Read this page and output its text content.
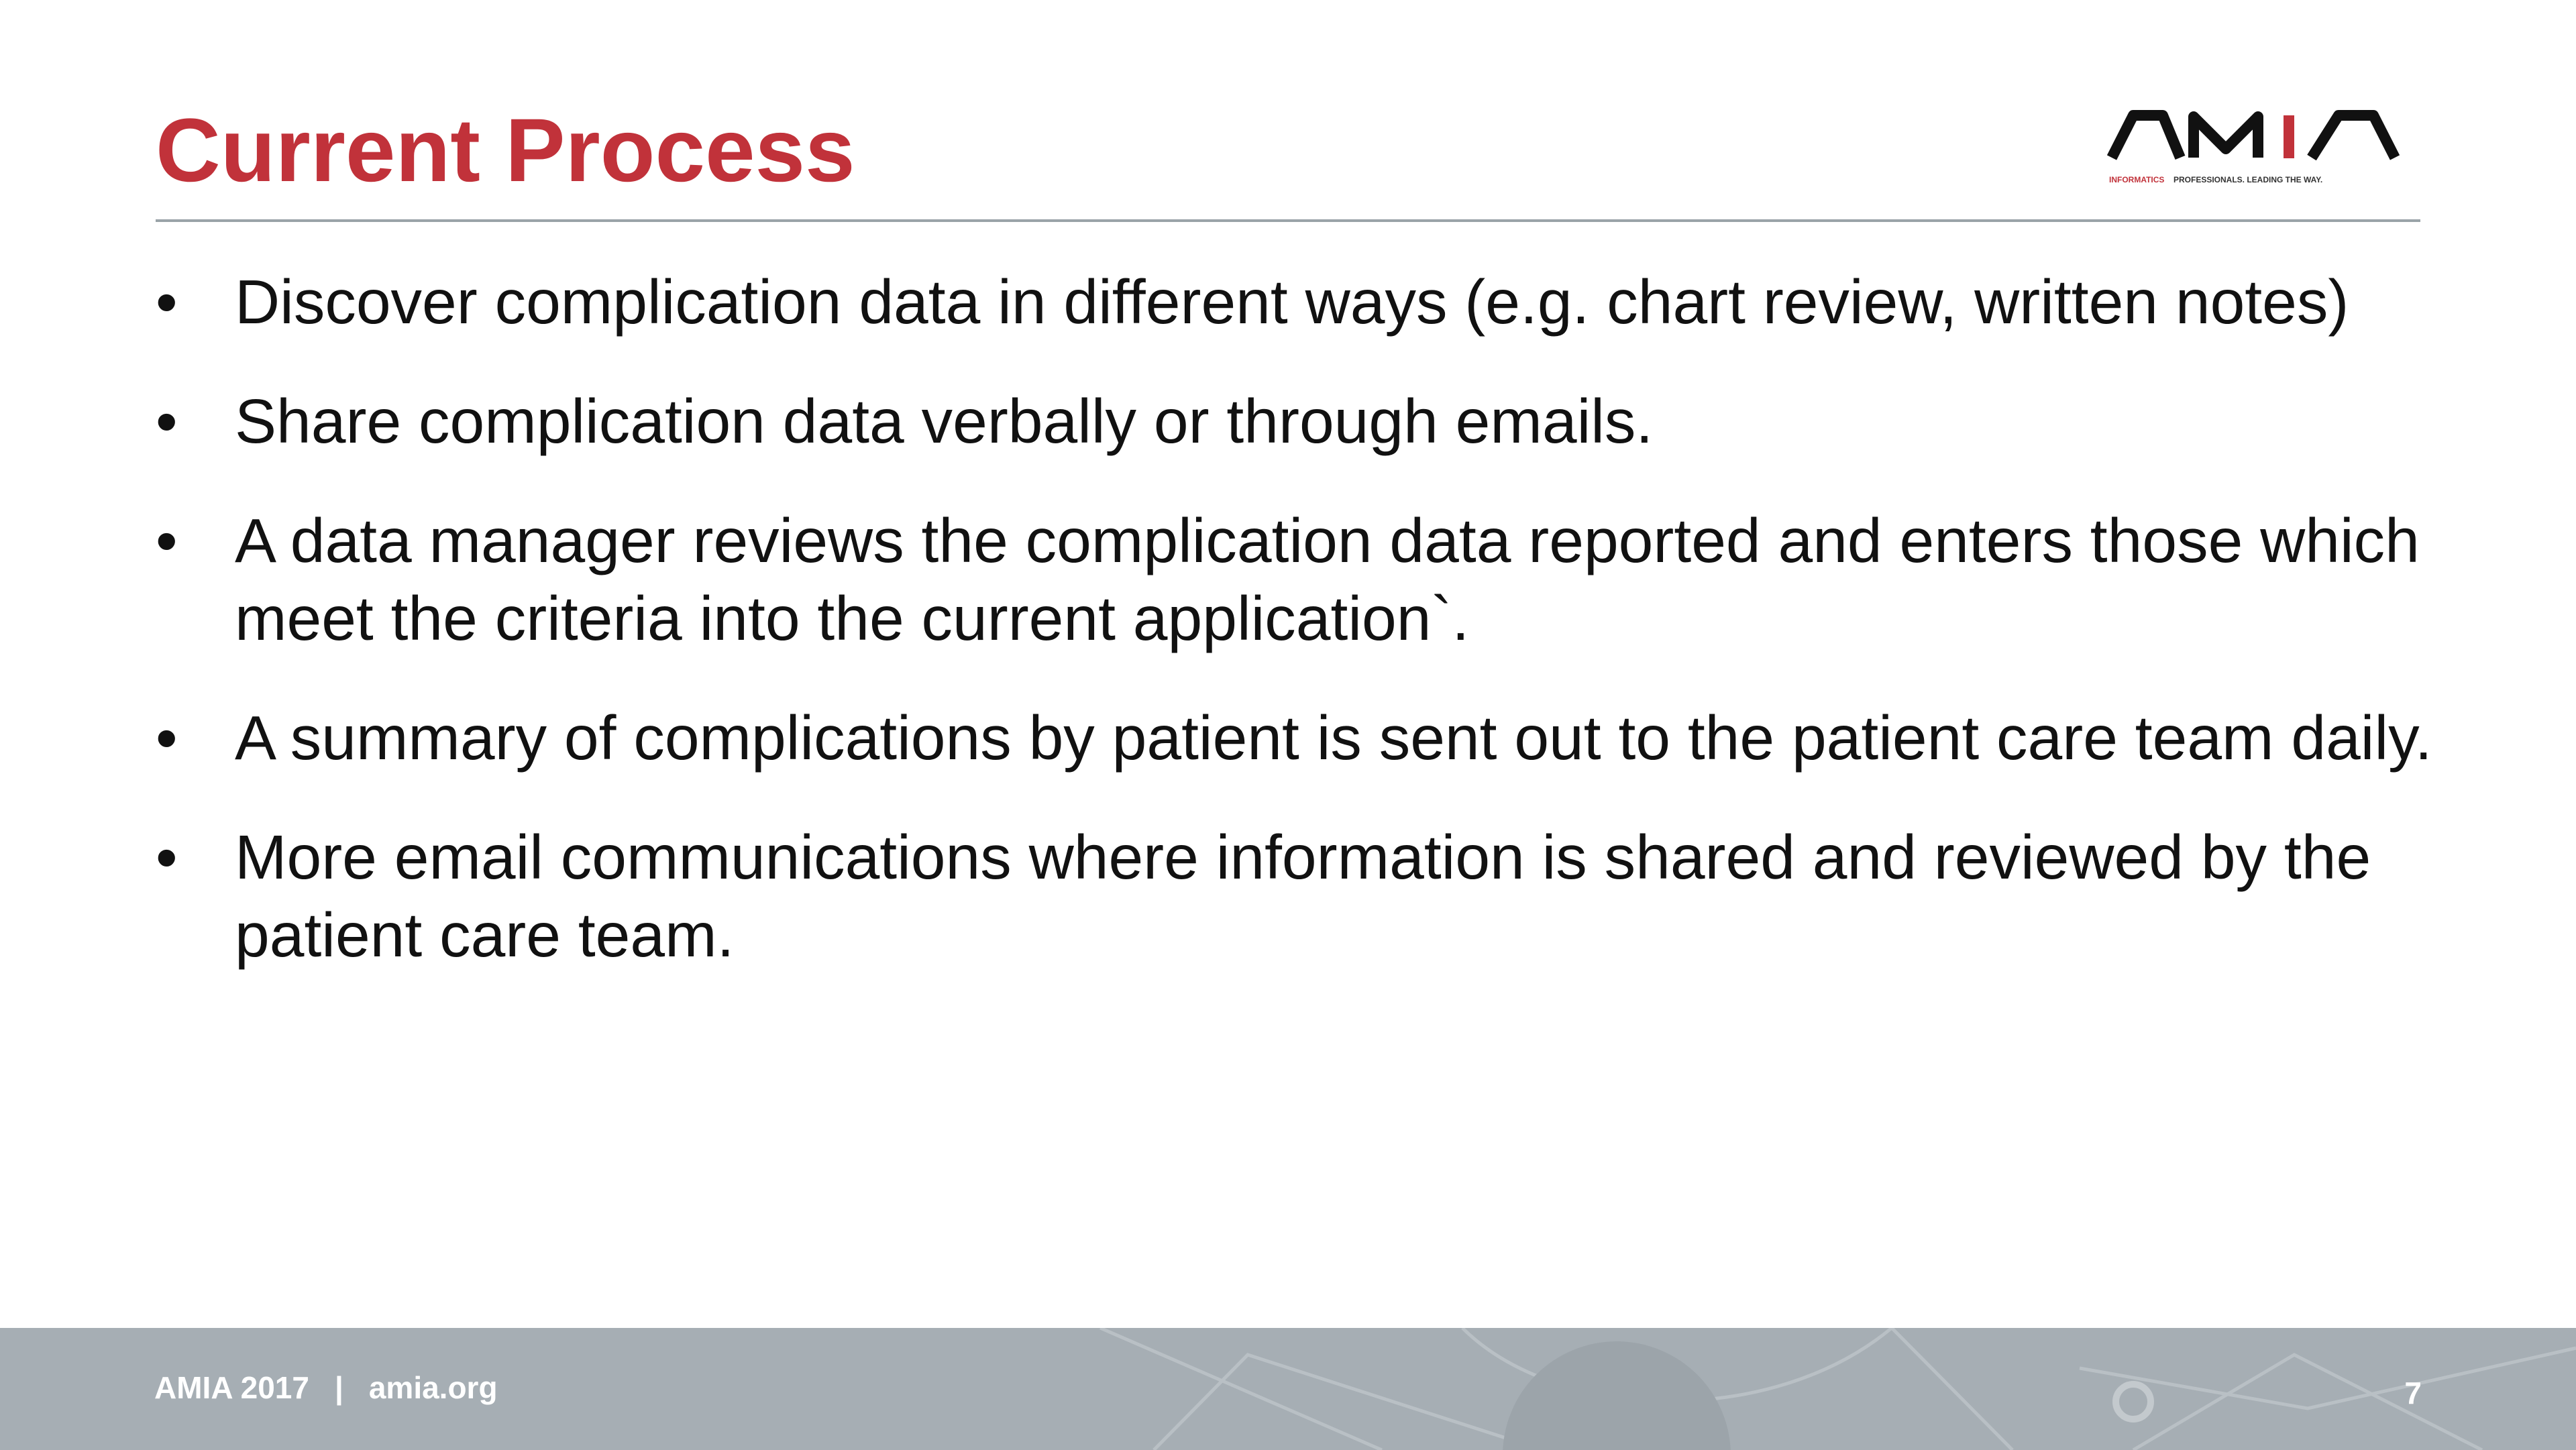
Current Process	INFORMATICS PROFESSIONALS. LEADING THE WAY.
• Discover complication data in different ways (e.g. chart review, written notes)
• Share complication data verbally or through emails.
• A data manager reviews the complication data reported and enters those which meet the criteria into the current application`.
• A summary of complications by patient is sent out to the patient care team daily.
• More email communications where information is shared and reviewed by the patient care team.
AMIA 2017 | amia.org	7
